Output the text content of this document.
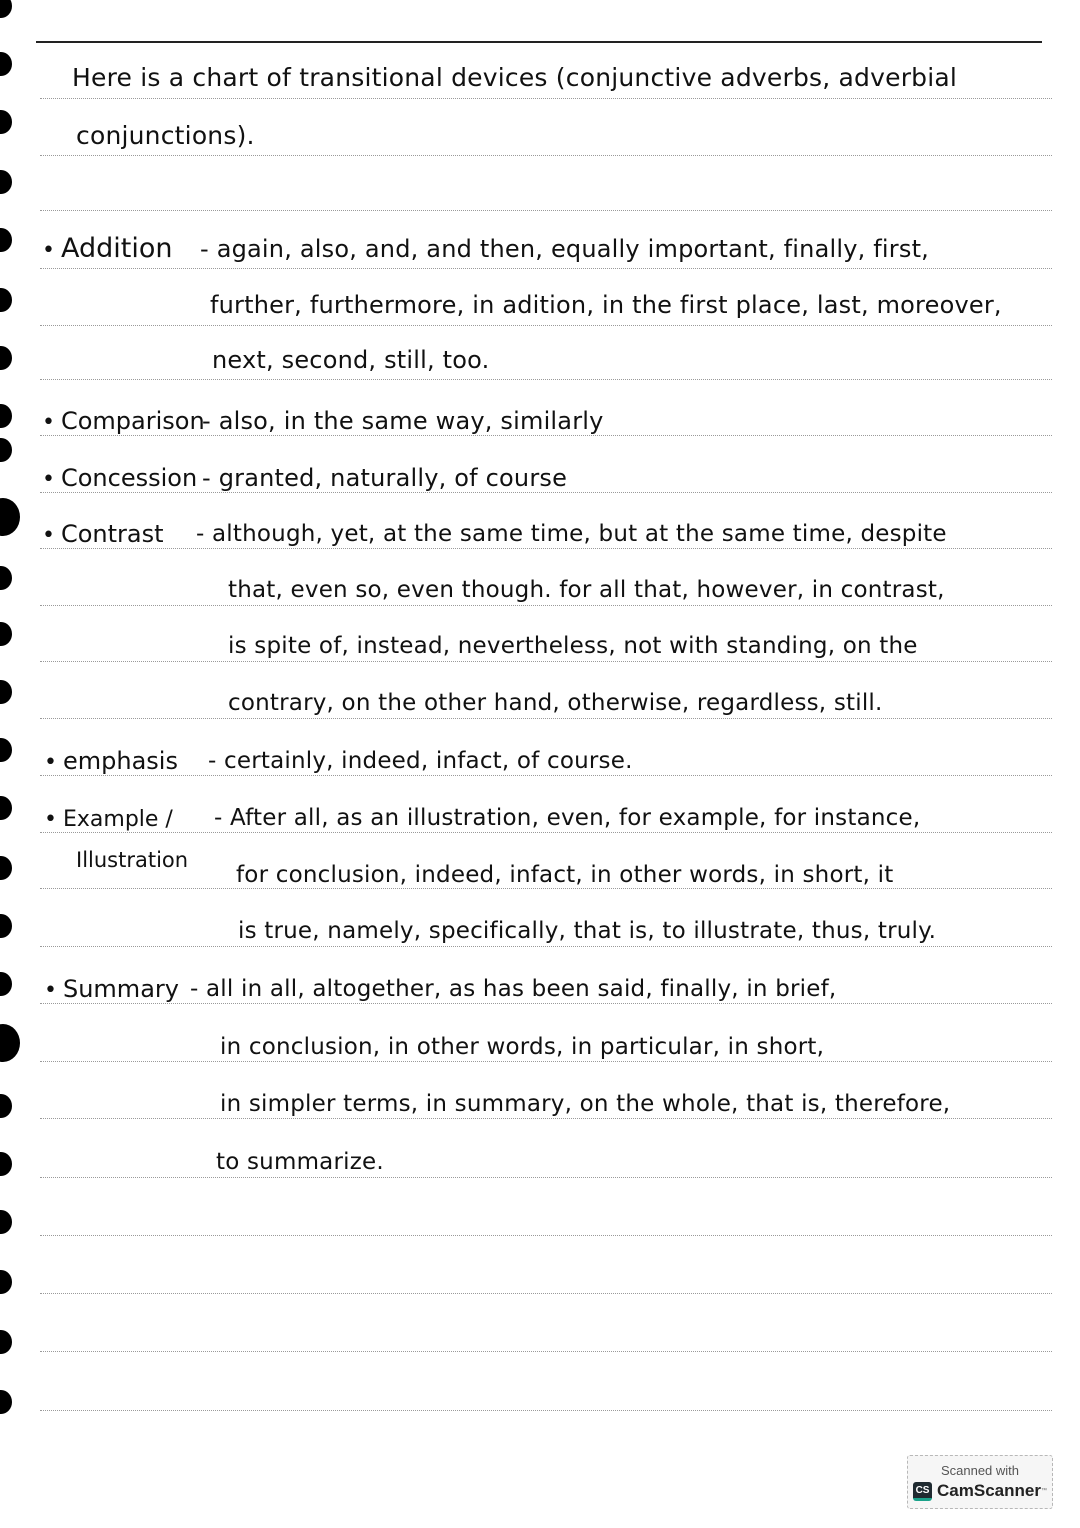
Here is a chart of transitional devices (conjunctive adverbs, adverbial
conjunctions).
• Addition - again, also, and, and then, equally important, finally, first,
further, furthermore, in adition, in the first place, last, moreover,
next, second, still, too.
• Comparison
- also, in the same way, similarly
• Concession - granted, naturally, of course
• Contrast - although, yet, at the same time, but at the same time, despite
that, even so, even though. for all that, however, in contrast,
is spite of, instead, nevertheless, not with standing, on the
contrary, on the other hand, otherwise, regardless, still.
• emphasis - certainly, indeed, infact, of course.
• Example /
Illustration
- After all, as an illustration, even, for example, for instance,
for conclusion, indeed, infact, in other words, in short, it
is true, namely, specifically, that is, to illustrate, thus, truly.
• Summary - all in all, altogether, as has been said, finally, in brief,
in conclusion, in other words, in particular, in short,
in simpler terms, in summary, on the whole, that is, therefore,
to summarize.
Scanned with
CS CamScanner ™
